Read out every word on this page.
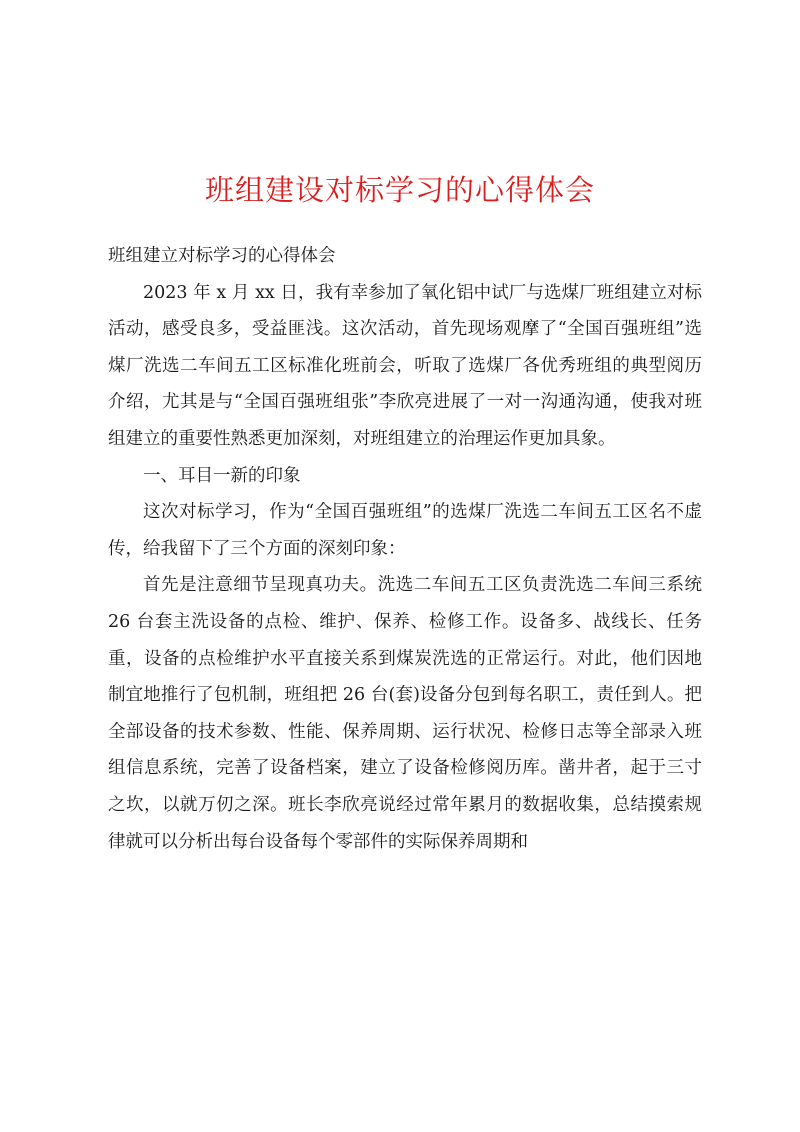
班组建设对标学习的心得体会

班组建立对标学习的心得体会

2023 年 x 月 xx 日，我有幸参加了氧化铝中试厂与选煤厂班组建立对标活动，感受良多，受益匪浅。这次活动，首先现场观摩了“全国百强班组”选煤厂洗选二车间五工区标准化班前会，听取了选煤厂各优秀班组的典型阅历介绍，尤其是与“全国百强班组张”李欣亮进展了一对一沟通沟通，使我对班组建立的重要性熟悉更加深刻，对班组建立的治理运作更加具象。

一、耳目一新的印象

这次对标学习，作为“全国百强班组”的选煤厂洗选二车间五工区名不虚传，给我留下了三个方面的深刻印象：

首先是注意细节呈现真功夫。洗选二车间五工区负责洗选二车间三系统 26 台套主洗设备的点检、维护、保养、检修工作。设备多、战线长、任务重，设备的点检维护水平直接关系到煤炭洗选的正常运行。对此，他们因地制宜地推行了包机制，班组把 26 台(套)设备分包到每名职工，责任到人。把全部设备的技术参数、性能、保养周期、运行状况、检修日志等全部录入班组信息系统，完善了设备档案，建立了设备检修阅历库。凿井者，起于三寸之坎，以就万仞之深。班长李欣亮说经过常年累月的数据收集，总结摸索规律就可以分析出每台设备每个零部件的实际保养周期和
